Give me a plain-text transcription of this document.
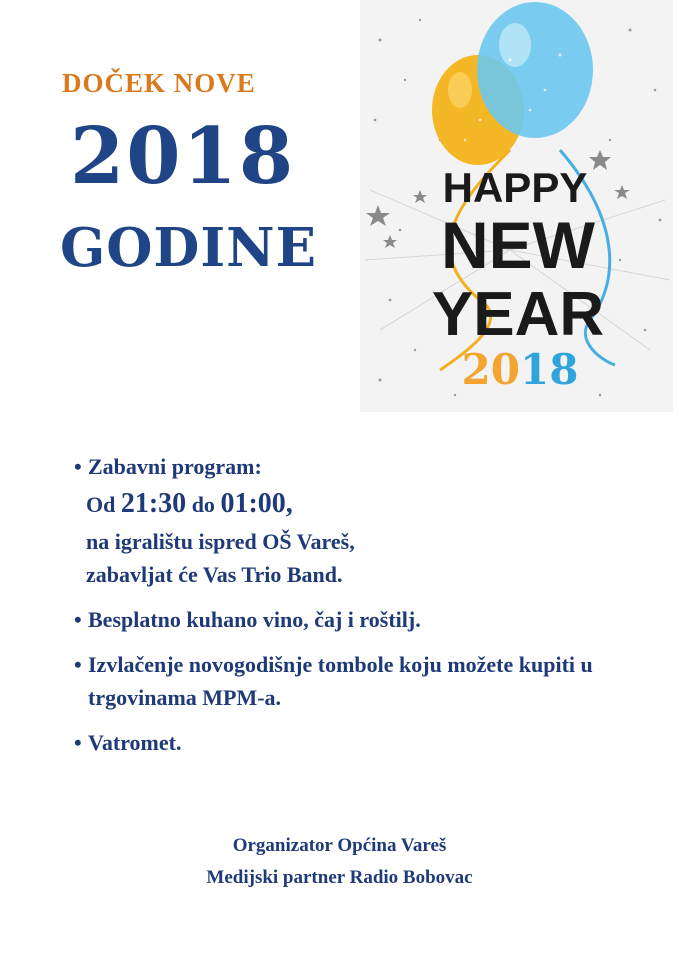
DOČEK NOVE
2018
GODINE
HAPPY
NEW
YEAR
20 18
• Zabavni program:
Od 21:30 do 01:00,
na igralištu ispred OŠ Vareš,
zabavljat će Vas Trio Band.
• Besplatno kuhano vino, čaj i roštilj.
• Izvlačenje novogodišnje tombole koju možete kupiti u
trgovinama MPM-a.
• Vatromet.
Organizator Općina Vareš
Medijski partner Radio Bobovac
